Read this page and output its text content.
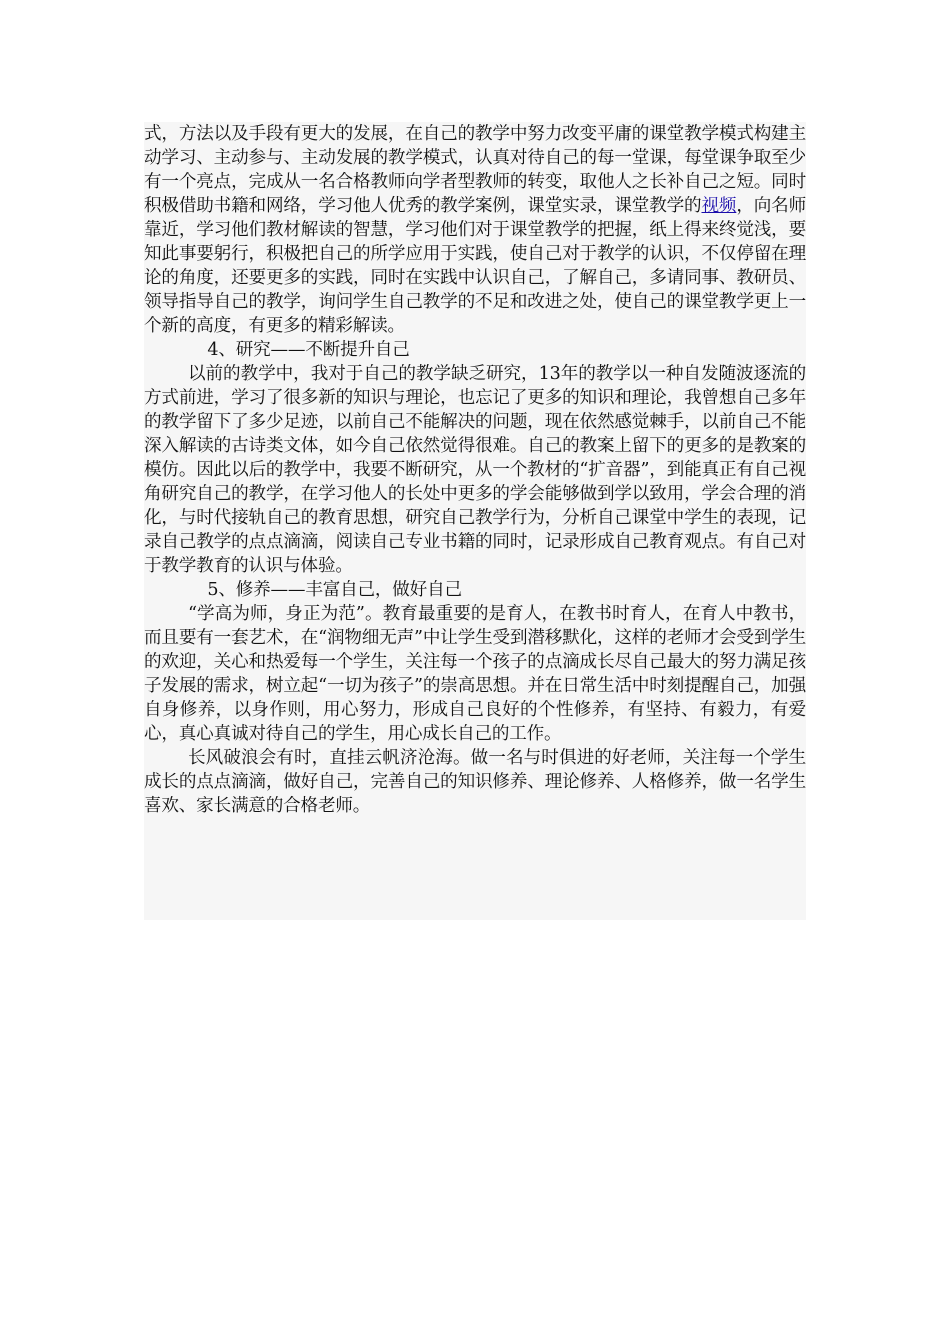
式，方法以及手段有更大的发展，在自己的教学中努力改变平庸的课堂教学模式构建主动学习、主动参与、主动发展的教学模式，认真对待自己的每一堂课，每堂课争取至少有一个亮点，完成从一名合格教师向学者型教师的转变，取他人之长补自己之短。同时积极借助书籍和网络，学习他人优秀的教学案例，课堂实录，课堂教学的视频，向名师靠近，学习他们教材解读的智慧，学习他们对于课堂教学的把握，纸上得来终觉浅，要知此事要躬行，积极把自己的所学应用于实践，使自己对于教学的认识，不仅停留在理论的角度，还要更多的实践，同时在实践中认识自己，了解自己，多请同事、教研员、领导指导自己的教学，询问学生自己教学的不足和改进之处，使自己的课堂教学更上一个新的高度，有更多的精彩解读。

4、研究——不断提升自己

以前的教学中，我对于自己的教学缺乏研究，13年的教学以一种自发随波逐流的方式前进，学习了很多新的知识与理论，也忘记了更多的知识和理论，我曾想自己多年的教学留下了多少足迹，以前自己不能解决的问题，现在依然感觉棘手，以前自己不能深入解读的古诗类文体，如今自己依然觉得很难。自己的教案上留下的更多的是教案的模仿。因此以后的教学中，我要不断研究，从一个教材的“扩音器”，到能真正有自己视角研究自己的教学，在学习他人的长处中更多的学会能够做到学以致用，学会合理的消化，与时代接轨自己的教育思想，研究自己教学行为，分析自己课堂中学生的表现，记录自己教学的点点滴滴，阅读自己专业书籍的同时，记录形成自己教育观点。有自己对于教学教育的认识与体验。

5、修养——丰富自己，做好自己

“学高为师，身正为范”。教育最重要的是育人，在教书时育人，在育人中教书，而且要有一套艺术，在“润物细无声”中让学生受到潜移默化，这样的老师才会受到学生的欢迎，关心和热爱每一个学生，关注每一个孩子的点滴成长尽自己最大的努力满足孩子发展的需求，树立起“一切为孩子”的崇高思想。并在日常生活中时刻提醒自己，加强自身修养，以身作则，用心努力，形成自己良好的个性修养，有坚持、有毅力，有爱心，真心真诚对待自己的学生，用心成长自己的工作。

长风破浪会有时，直挂云帆济沧海。做一名与时俱进的好老师，关注每一个学生成长的点点滴滴，做好自己，完善自己的知识修养、理论修养、人格修养，做一名学生喜欢、家长满意的合格老师。
